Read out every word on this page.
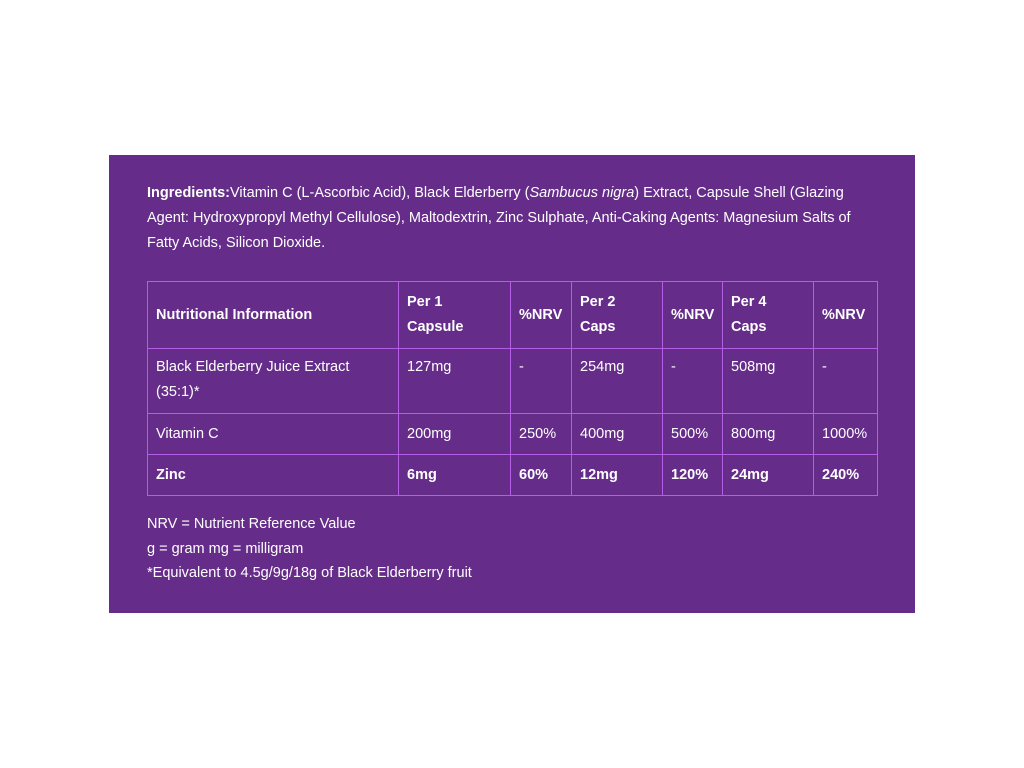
Ingredients:Vitamin C (L-Ascorbic Acid), Black Elderberry (Sambucus nigra) Extract, Capsule Shell (Glazing Agent: Hydroxypropyl Methyl Cellulose), Maltodextrin, Zinc Sulphate, Anti-Caking Agents: Magnesium Salts of Fatty Acids, Silicon Dioxide.

Nutritional Information	Per 1 Capsule	%NRV	Per 2 Caps	%NRV	Per 4 Caps	%NRV
Black Elderberry Juice Extract (35:1)*	127mg	-	254mg	-	508mg	-
Vitamin C	200mg	250%	400mg	500%	800mg	1000%
Zinc	6mg	60%	12mg	120%	24mg	240%
NRV = Nutrient Reference Value
g = gram mg = milligram
*Equivalent to 4.5g/9g/18g of Black Elderberry fruit
